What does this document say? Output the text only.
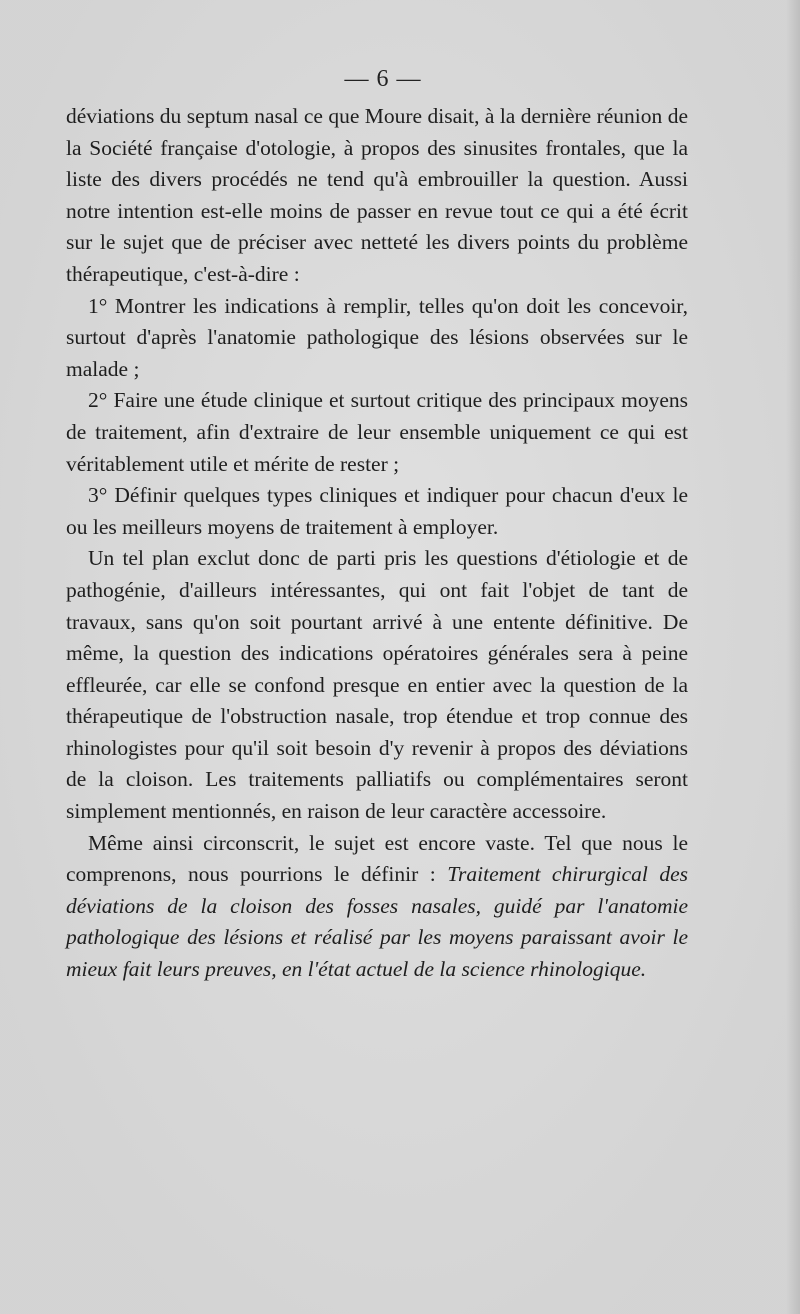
— 6 —

déviations du septum nasal ce que Moure disait, à la dernière réunion de la Société française d'otologie, à propos des sinusites frontales, que la liste des divers procédés ne tend qu'à embrouiller la question. Aussi notre intention est-elle moins de passer en revue tout ce qui a été écrit sur le sujet que de préciser avec netteté les divers points du problème thérapeutique, c'est-à-dire :

1° Montrer les indications à remplir, telles qu'on doit les concevoir, surtout d'après l'anatomie pathologique des lésions observées sur le malade ;

2° Faire une étude clinique et surtout critique des principaux moyens de traitement, afin d'extraire de leur ensemble uniquement ce qui est véritablement utile et mérite de rester ;

3° Définir quelques types cliniques et indiquer pour chacun d'eux le ou les meilleurs moyens de traitement à employer.

Un tel plan exclut donc de parti pris les questions d'étiologie et de pathogénie, d'ailleurs intéressantes, qui ont fait l'objet de tant de travaux, sans qu'on soit pourtant arrivé à une entente définitive. De même, la question des indications opératoires générales sera à peine effleurée, car elle se confond presque en entier avec la question de la thérapeutique de l'obstruction nasale, trop étendue et trop connue des rhinologistes pour qu'il soit besoin d'y revenir à propos des déviations de la cloison. Les traitements palliatifs ou complémentaires seront simplement mentionnés, en raison de leur caractère accessoire.

Même ainsi circonscrit, le sujet est encore vaste. Tel que nous le comprenons, nous pourrions le définir : Traitement chirurgical des déviations de la cloison des fosses nasales, guidé par l'anatomie pathologique des lésions et réalisé par les moyens paraissant avoir le mieux fait leurs preuves, en l'état actuel de la science rhinologique.
